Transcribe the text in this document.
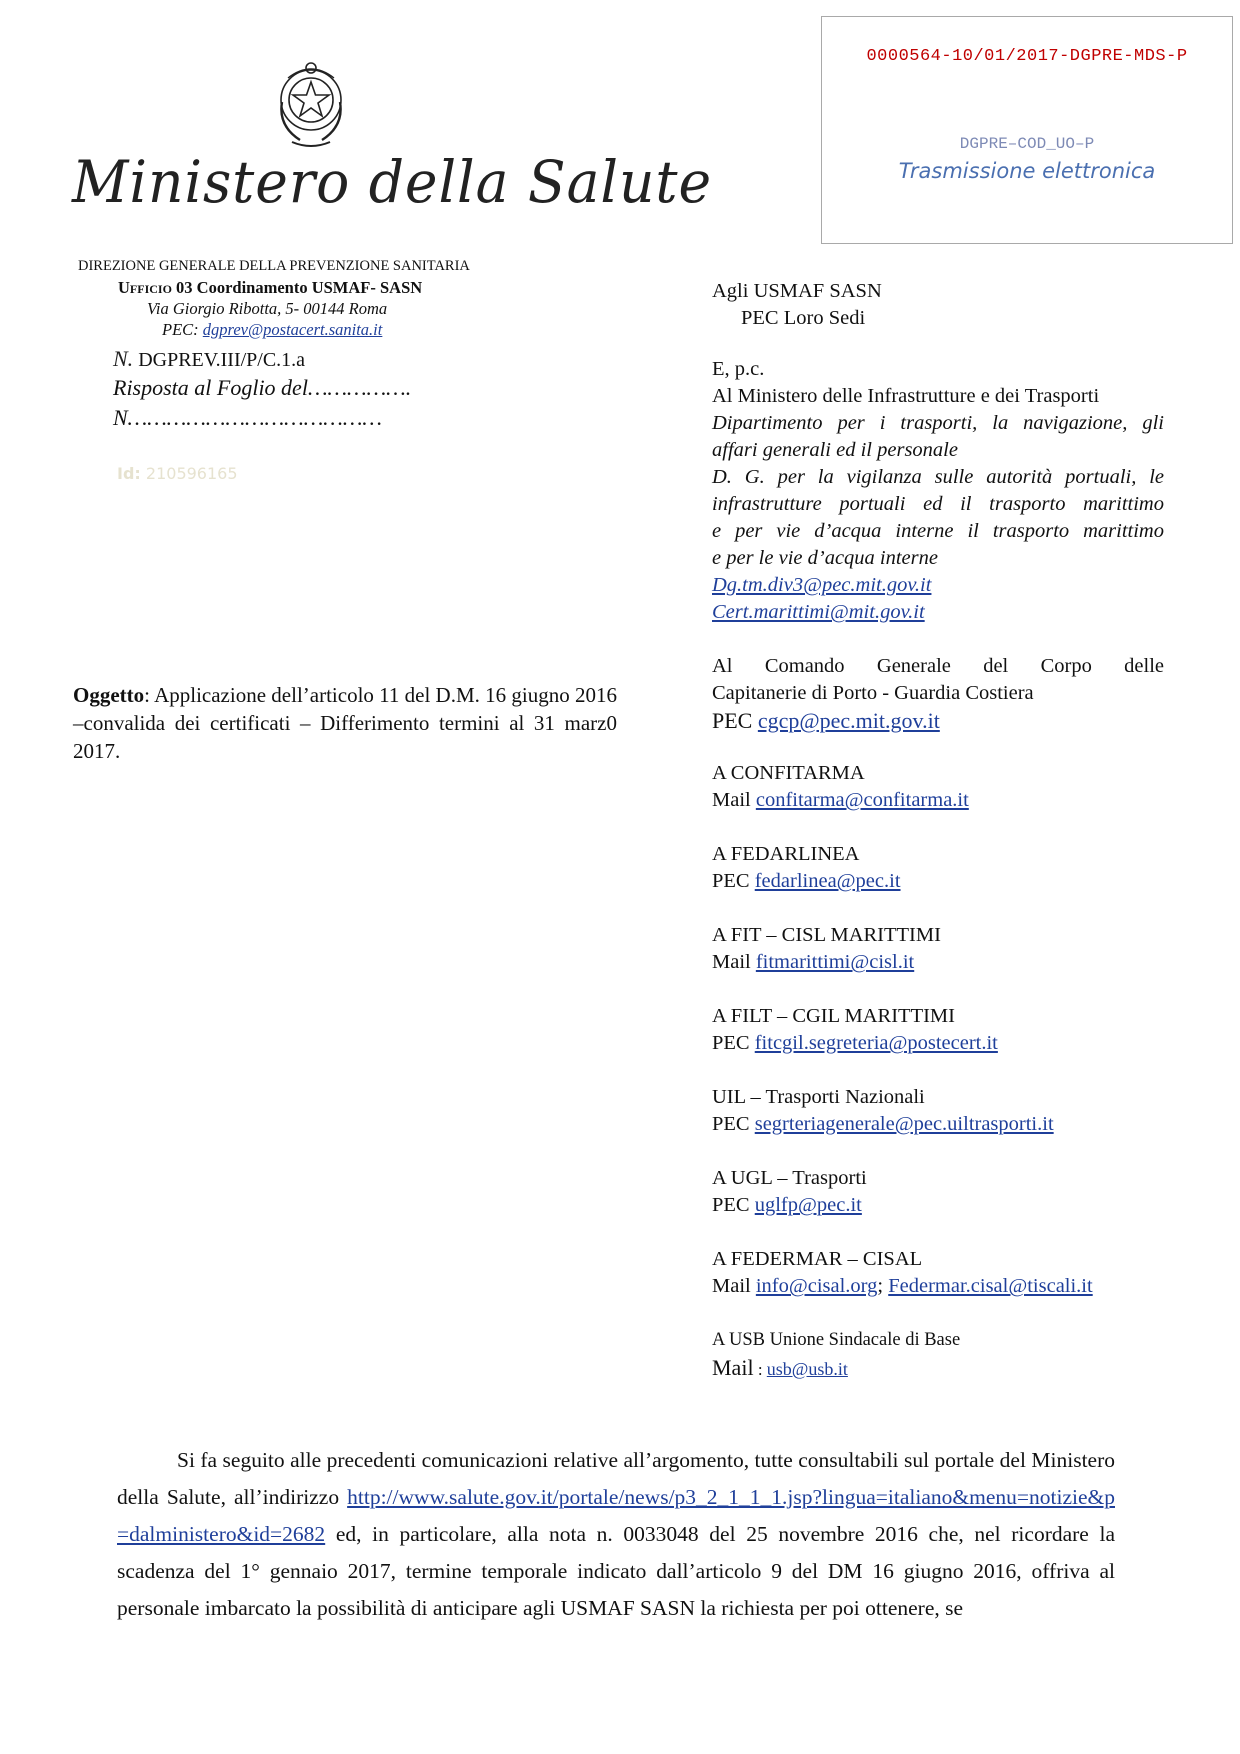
0000564-10/01/2017-DGPRE-MDS-P
DGPRE–COD_UO–P
Trasmissione elettronica
Ministero della Salute
DIREZIONE GENERALE DELLA PREVENZIONE SANITARIA
Ufficio 03 Coordinamento USMAF- SASN
Via Giorgio Ribotta, 5- 00144 Roma
PEC: dgprev@postacert.sanita.it
N. DGPREV.III/P/C.1.a
Risposta al Foglio del…………….
N…………………………………
Id: 210596165
Oggetto: Applicazione dell’articolo 11 del D.M. 16 giugno 2016 –convalida dei certificati – Differimento termini al 31 marz0 2017.
Agli USMAF SASN
PEC Loro Sedi
E, p.c.
Al Ministero delle Infrastrutture e dei Trasporti
Dipartimento per i trasporti, la navigazione, gli
affari generali ed il personale
D. G. per la vigilanza sulle autorità portuali, le
infrastrutture portuali ed il trasporto marittimo
e per vie d’acqua interne il trasporto marittimo
e per le vie d’acqua interne
Dg.tm.div3@pec.mit.gov.it
Cert.marittimi@mit.gov.it
Al Comando Generale del Corpo delle
Capitanerie di Porto - Guardia Costiera
PEC cgcp@pec.mit.gov.it
A CONFITARMA
Mail confitarma@confitarma.it
A FEDARLINEA
PEC fedarlinea@pec.it
A FIT – CISL MARITTIMI
Mail fitmarittimi@cisl.it
A FILT – CGIL MARITTIMI
PEC fitcgil.segreteria@postecert.it
UIL – Trasporti Nazionali
PEC segrteriagenerale@pec.uiltrasporti.it
A UGL – Trasporti
PEC uglfp@pec.it
A FEDERMAR – CISAL
Mail info@cisal.org; Federmar.cisal@tiscali.it
A USB Unione Sindacale di Base
Mail : usb@usb.it
Si fa seguito alle precedenti comunicazioni relative all’argomento, tutte consultabili sul portale del Ministero della Salute, all’indirizzo http://www.salute.gov.it/portale/news/p3_2_1_1_1.jsp?lingua=italiano&menu=notizie&p=dalministero&id=2682 ed, in particolare, alla nota n. 0033048 del 25 novembre 2016 che, nel ricordare la scadenza del 1° gennaio 2017, termine temporale indicato dall’articolo 9 del DM 16 giugno 2016, offriva al personale imbarcato la possibilità di anticipare agli USMAF SASN la richiesta per poi ottenere, se
